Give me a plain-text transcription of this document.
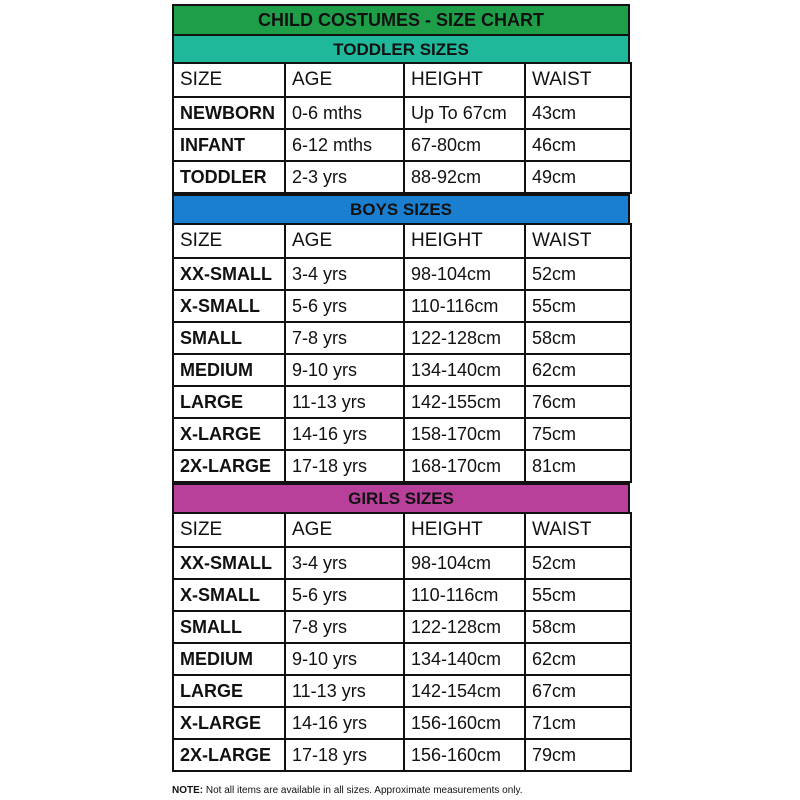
CHILD COSTUMES - SIZE CHART
TODDLER SIZES
SIZE	AGE	HEIGHT	WAIST
NEWBORN	0-6 mths	Up To 67cm	43cm
INFANT	6-12 mths	67-80cm	46cm
TODDLER	2-3 yrs	88-92cm	49cm
BOYS SIZES
SIZE	AGE	HEIGHT	WAIST
XX-SMALL	3-4 yrs	98-104cm	52cm
X-SMALL	5-6 yrs	110-116cm	55cm
SMALL	7-8 yrs	122-128cm	58cm
MEDIUM	9-10 yrs	134-140cm	62cm
LARGE	11-13 yrs	142-155cm	76cm
X-LARGE	14-16 yrs	158-170cm	75cm
2X-LARGE	17-18 yrs	168-170cm	81cm
GIRLS SIZES
SIZE	AGE	HEIGHT	WAIST
XX-SMALL	3-4 yrs	98-104cm	52cm
X-SMALL	5-6 yrs	110-116cm	55cm
SMALL	7-8 yrs	122-128cm	58cm
MEDIUM	9-10 yrs	134-140cm	62cm
LARGE	11-13 yrs	142-154cm	67cm
X-LARGE	14-16 yrs	156-160cm	71cm
2X-LARGE	17-18 yrs	156-160cm	79cm
NOTE: Not all items are available in all sizes. Approximate measurements only.
